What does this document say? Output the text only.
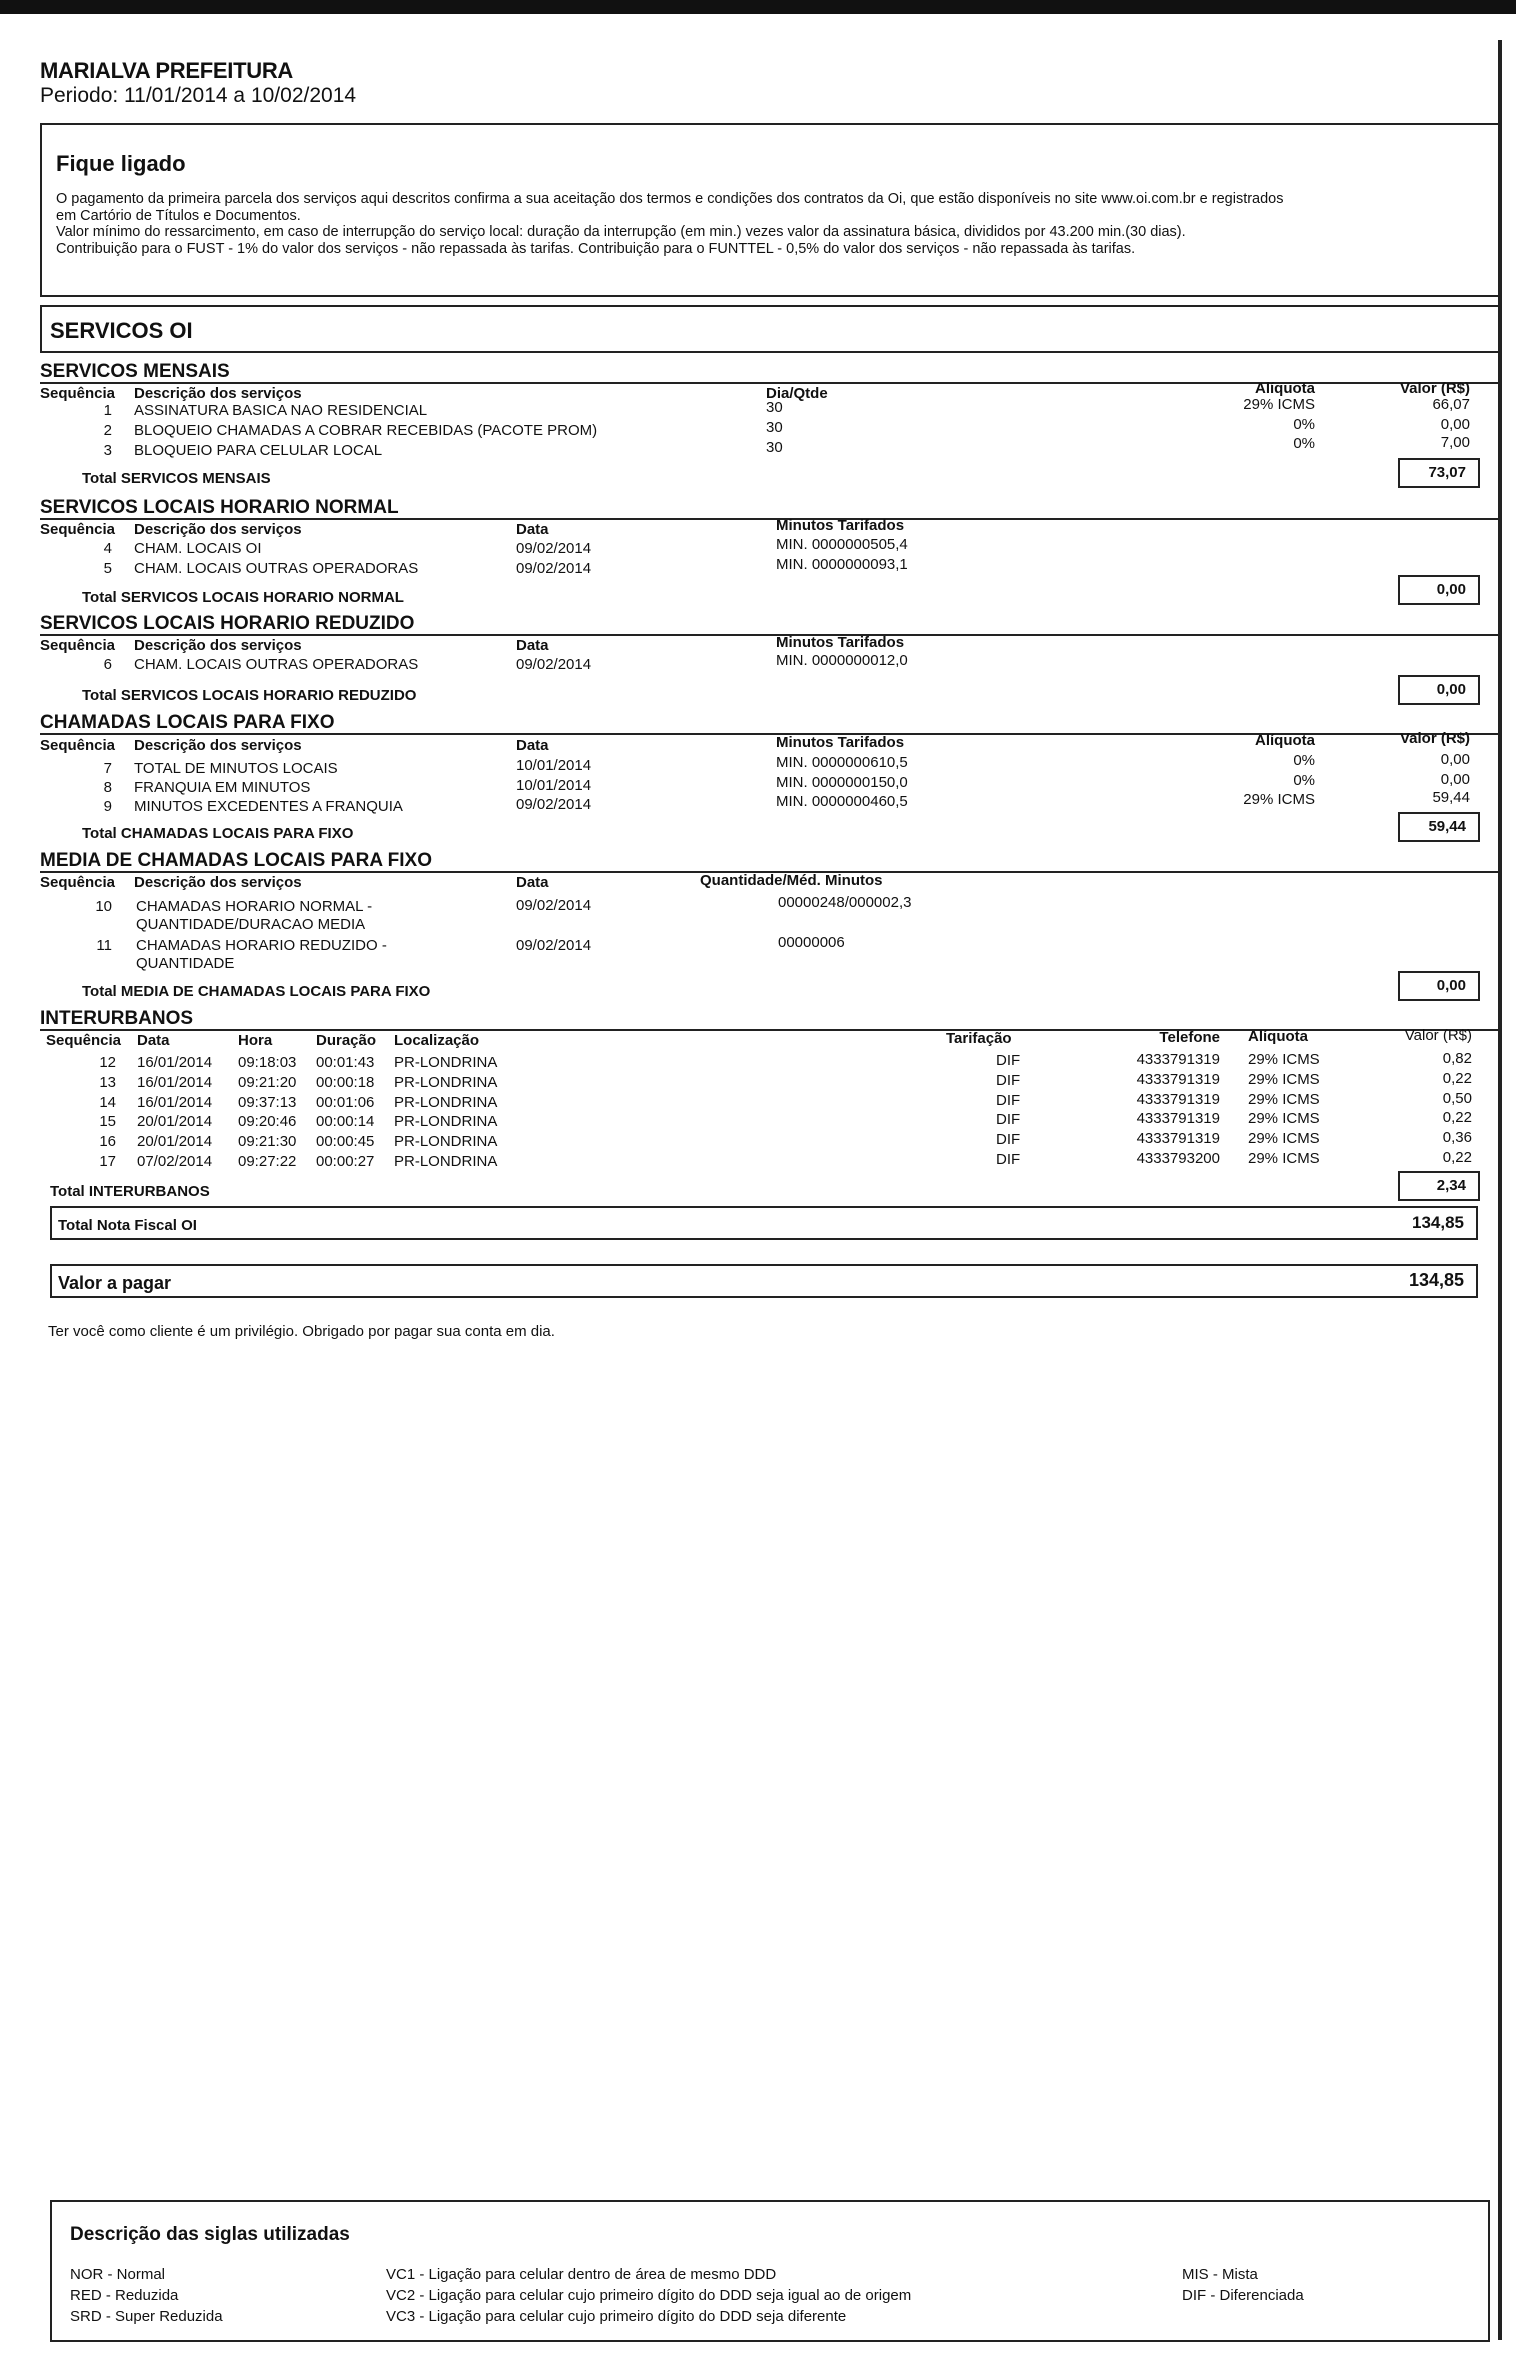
MARIALVA PREFEITURA
Periodo: 11/01/2014 a 10/02/2014
Fique ligado
O pagamento da primeira parcela dos serviços aqui descritos confirma a sua aceitação dos termos e condições dos contratos da Oi, que estão disponíveis no site www.oi.com.br e registrados
em Cartório de Títulos e Documentos.
Valor mínimo do ressarcimento, em caso de interrupção do serviço local: duração da interrupção (em min.) vezes valor da assinatura básica, divididos por 43.200 min.(30 dias).
Contribuição para o FUST - 1% do valor dos serviços - não repassada às tarifas. Contribuição para o FUNTTEL - 0,5% do valor dos serviços - não repassada às tarifas.
SERVICOS OI
SERVICOS MENSAIS
Sequência Descrição dos serviços	Dia/Qtde	Alíquota	Valor (R$)
1 ASSINATURA BASICA NAO RESIDENCIAL	30	29% ICMS	66,07
2 BLOQUEIO CHAMADAS A COBRAR RECEBIDAS (PACOTE PROM)	30	0%	0,00
3 BLOQUEIO PARA CELULAR LOCAL	30	0%	7,00
Total SERVICOS MENSAIS	73,07
SERVICOS LOCAIS HORARIO NORMAL
Sequência Descrição dos serviços	Data	Minutos Tarifados
4 CHAM. LOCAIS OI	09/02/2014	MIN. 0000000505,4
5 CHAM. LOCAIS OUTRAS OPERADORAS	09/02/2014	MIN. 0000000093,1
Total SERVICOS LOCAIS HORARIO NORMAL	0,00
SERVICOS LOCAIS HORARIO REDUZIDO
Sequência Descrição dos serviços	Data	Minutos Tarifados
6 CHAM. LOCAIS OUTRAS OPERADORAS	09/02/2014	MIN. 0000000012,0
Total SERVICOS LOCAIS HORARIO REDUZIDO	0,00
CHAMADAS LOCAIS PARA FIXO
Sequência Descrição dos serviços	Data	Minutos Tarifados	Alíquota	Valor (R$)
7 TOTAL DE MINUTOS LOCAIS	10/01/2014	MIN. 0000000610,5	0%	0,00
8 FRANQUIA EM MINUTOS	10/01/2014	MIN. 0000000150,0	0%	0,00
9 MINUTOS EXCEDENTES A FRANQUIA	09/02/2014	MIN. 0000000460,5	29% ICMS	59,44
Total CHAMADAS LOCAIS PARA FIXO	59,44
MEDIA DE CHAMADAS LOCAIS PARA FIXO
Sequência Descrição dos serviços	Data	Quantidade/Méd. Minutos
10 CHAMADAS HORARIO NORMAL -
QUANTIDADE/DURACAO MEDIA
09/02/2014	00000248/000002,3
11 CHAMADAS HORARIO REDUZIDO -
QUANTIDADE
09/02/2014	00000006
Total MEDIA DE CHAMADAS LOCAIS PARA FIXO	0,00
INTERURBANOS
Sequência Data	Hora	Duração Localização	Tarifação	Telefone Alíquota	Valor (R$)
12 16/01/2014 09:18:03 00:01:43 PR-LONDRINA	DIF	4333791319 29% ICMS	0,82
13 16/01/2014 09:21:20 00:00:18 PR-LONDRINA	DIF	4333791319 29% ICMS	0,22
14 16/01/2014 09:37:13 00:01:06 PR-LONDRINA	DIF	4333791319 29% ICMS	0,50
15 20/01/2014 09:20:46 00:00:14 PR-LONDRINA	DIF	4333791319 29% ICMS	0,22
16 20/01/2014 09:21:30 00:00:45 PR-LONDRINA	DIF	4333791319 29% ICMS	0,36
17 07/02/2014 09:27:22 00:00:27 PR-LONDRINA	DIF	4333793200 29% ICMS	0,22
Total INTERURBANOS	2,34
Total Nota Fiscal OI	134,85
Valor a pagar	134,85
Ter você como cliente é um privilégio. Obrigado por pagar sua conta em dia.
Descrição das siglas utilizadas
NOR - Normal
RED - Reduzida
SRD - Super Reduzida
VC1 - Ligação para celular dentro de área de mesmo DDD
VC2 - Ligação para celular cujo primeiro dígito do DDD seja igual ao de origem
VC3 - Ligação para celular cujo primeiro dígito do DDD seja diferente
MIS - Mista
DIF - Diferenciada
